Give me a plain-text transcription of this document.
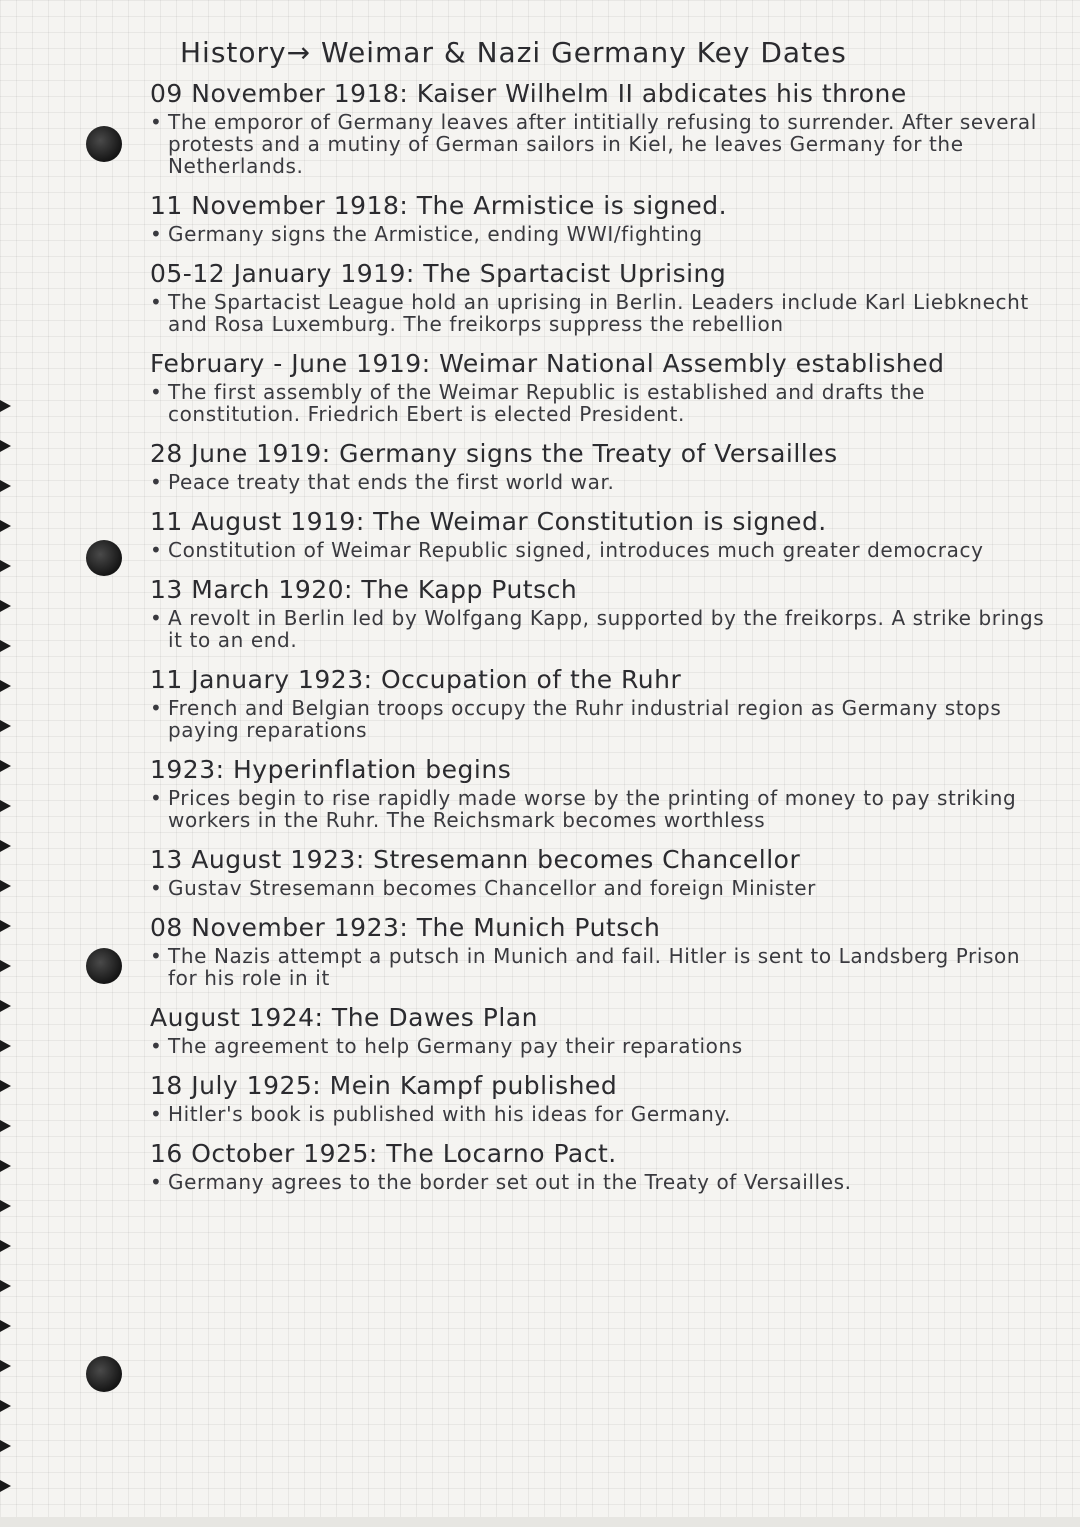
History→ Weimar & Nazi Germany Key Dates
09 November 1918: Kaiser Wilhelm II abdicates his throne
• The emporor of Germany leaves after intitially refusing to surrender. After several protests and a mutiny of German sailors in Kiel, he leaves Germany for the Netherlands.
11 November 1918: The Armistice is signed.
• Germany signs the Armistice, ending WWI/fighting
05-12 January 1919: The Spartacist Uprising
• The Spartacist League hold an uprising in Berlin. Leaders include Karl Liebknecht and Rosa Luxemburg. The freikorps suppress the rebellion
February - June 1919: Weimar National Assembly established
• The first assembly of the Weimar Republic is established and drafts the constitution. Friedrich Ebert is elected President.
28 June 1919: Germany signs the Treaty of Versailles
• Peace treaty that ends the first world war.
11 August 1919: The Weimar Constitution is signed.
• Constitution of Weimar Republic signed, introduces much greater democracy
13 March 1920: The Kapp Putsch
• A revolt in Berlin led by Wolfgang Kapp, supported by the freikorps. A strike brings it to an end.
11 January 1923: Occupation of the Ruhr
• French and Belgian troops occupy the Ruhr industrial region as Germany stops paying reparations
1923: Hyperinflation begins
• Prices begin to rise rapidly made worse by the printing of money to pay striking workers in the Ruhr. The Reichsmark becomes worthless
13 August 1923: Stresemann becomes Chancellor
• Gustav Stresemann becomes Chancellor and foreign Minister
08 November 1923: The Munich Putsch
• The Nazis attempt a putsch in Munich and fail. Hitler is sent to Landsberg Prison for his role in it
August 1924: The Dawes Plan
• The agreement to help Germany pay their reparations
18 July 1925: Mein Kampf published
• Hitler's book is published with his ideas for Germany.
16 October 1925: The Locarno Pact.
• Germany agrees to the border set out in the Treaty of Versailles.
